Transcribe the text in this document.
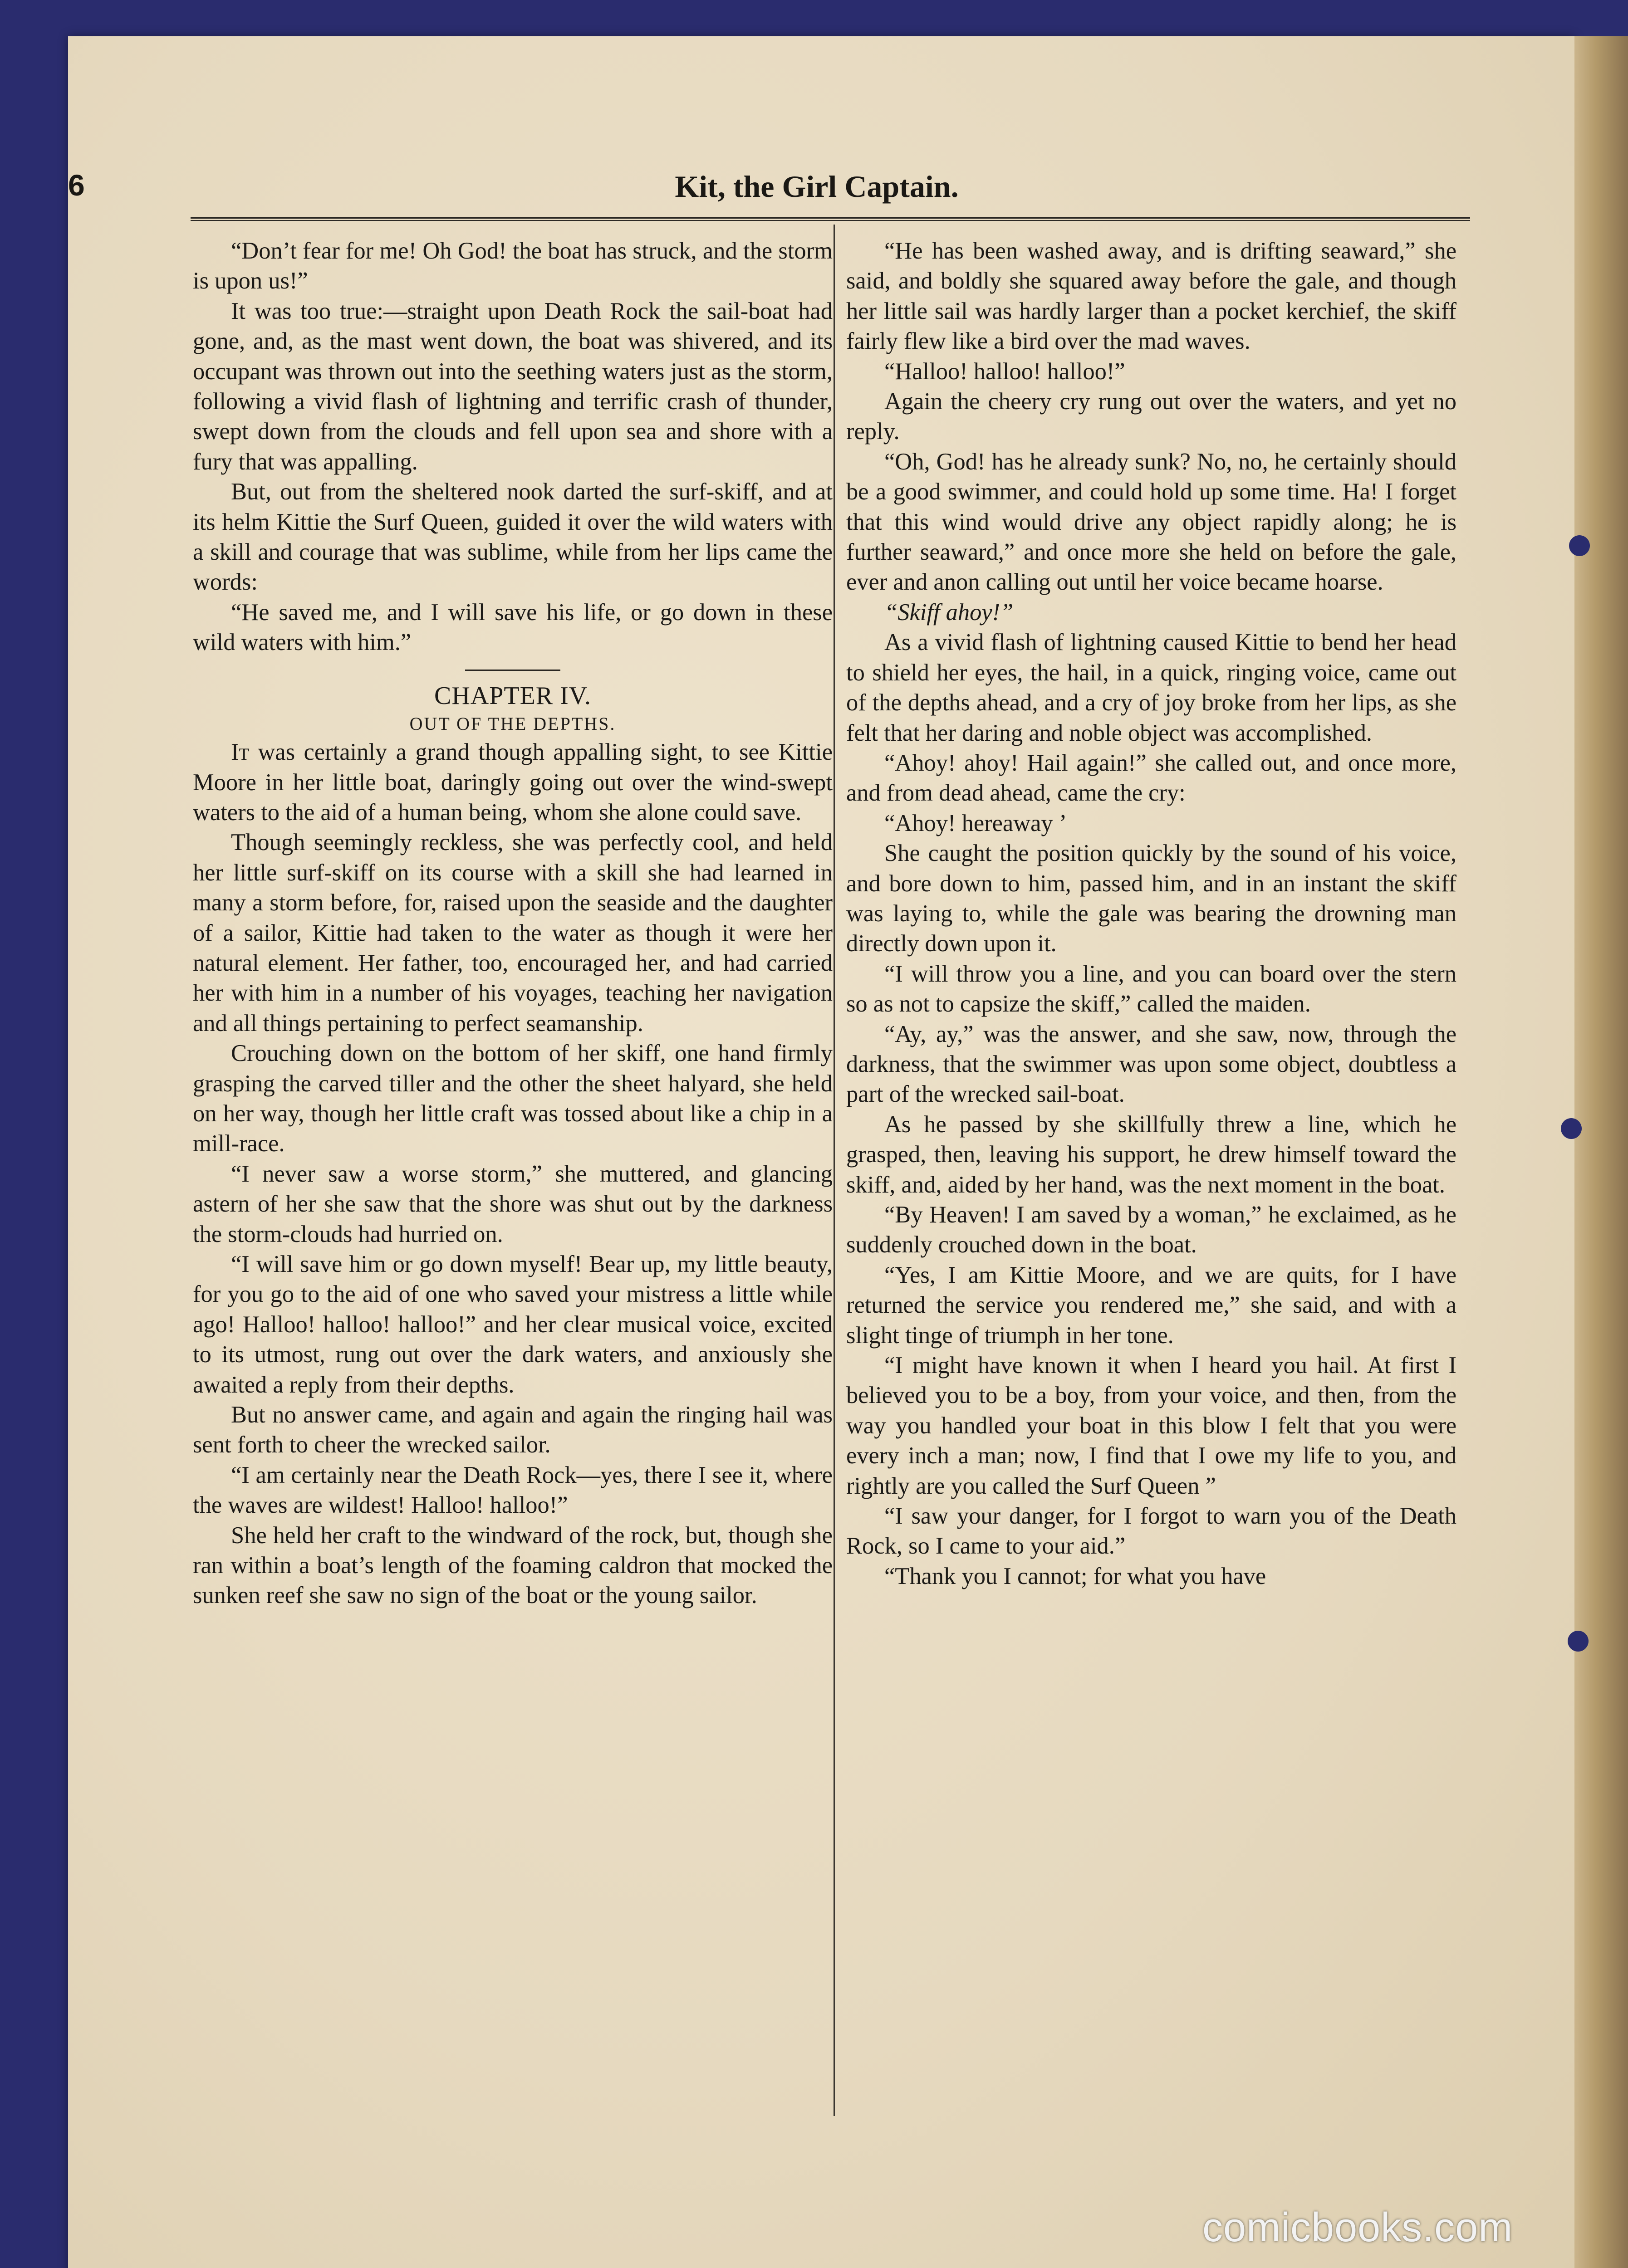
6	Kit, the Girl Captain.

“Don’t fear for me! Oh God! the boat has struck, and the storm is upon us!”

It was too true:—straight upon Death Rock the sail-boat had gone, and, as the mast went down, the boat was shivered, and its occupant was thrown out into the seething waters just as the storm, following a vivid flash of lightning and terrific crash of thunder, swept down from the clouds and fell upon sea and shore with a fury that was appalling.

But, out from the sheltered nook darted the surf-skiff, and at its helm Kittie the Surf Queen, guided it over the wild waters with a skill and courage that was sublime, while from her lips came the words:

“He saved me, and I will save his life, or go down in these wild waters with him.”

CHAPTER IV.

OUT OF THE DEPTHS.

It was certainly a grand though appalling sight, to see Kittie Moore in her little boat, daringly going out over the wind-swept waters to the aid of a human being, whom she alone could save.

Though seemingly reckless, she was perfectly cool, and held her little surf-skiff on its course with a skill she had learned in many a storm before, for, raised upon the seaside and the daughter of a sailor, Kittie had taken to the water as though it were her natural element. Her father, too, encouraged her, and had carried her with him in a number of his voyages, teaching her navigation and all things pertaining to perfect seamanship.

Crouching down on the bottom of her skiff, one hand firmly grasping the carved tiller and the other the sheet halyard, she held on her way, though her little craft was tossed about like a chip in a mill-race.

“I never saw a worse storm,” she muttered, and glancing astern of her she saw that the shore was shut out by the darkness the storm-clouds had hurried on.

“I will save him or go down myself! Bear up, my little beauty, for you go to the aid of one who saved your mistress a little while ago! Halloo! halloo! halloo!” and her clear musical voice, excited to its utmost, rung out over the dark waters, and anxiously she awaited a reply from their depths.

But no answer came, and again and again the ringing hail was sent forth to cheer the wrecked sailor.

“I am certainly near the Death Rock—yes, there I see it, where the waves are wildest! Halloo! halloo!”

She held her craft to the windward of the rock, but, though she ran within a boat’s length of the foaming caldron that mocked the sunken reef she saw no sign of the boat or the young sailor.

“He has been washed away, and is drifting seaward,” she said, and boldly she squared away before the gale, and though her little sail was hardly larger than a pocket kerchief, the skiff fairly flew like a bird over the mad waves.

“Halloo! halloo! halloo!”

Again the cheery cry rung out over the waters, and yet no reply.

“Oh, God! has he already sunk? No, no, he certainly should be a good swimmer, and could hold up some time. Ha! I forget that this wind would drive any object rapidly along; he is further seaward,” and once more she held on before the gale, ever and anon calling out until her voice became hoarse.

“Skiff ahoy!”

As a vivid flash of lightning caused Kittie to bend her head to shield her eyes, the hail, in a quick, ringing voice, came out of the depths ahead, and a cry of joy broke from her lips, as she felt that her daring and noble object was accomplished.

“Ahoy! ahoy! Hail again!” she called out, and once more, and from dead ahead, came the cry:

“Ahoy! hereaway ’

She caught the position quickly by the sound of his voice, and bore down to him, passed him, and in an instant the skiff was laying to, while the gale was bearing the drowning man directly down upon it.

“I will throw you a line, and you can board over the stern so as not to capsize the skiff,” called the maiden.

“Ay, ay,” was the answer, and she saw, now, through the darkness, that the swimmer was upon some object, doubtless a part of the wrecked sail-boat.

As he passed by she skillfully threw a line, which he grasped, then, leaving his support, he drew himself toward the skiff, and, aided by her hand, was the next moment in the boat.

“By Heaven! I am saved by a woman,” he exclaimed, as he suddenly crouched down in the boat.

“Yes, I am Kittie Moore, and we are quits, for I have returned the service you rendered me,” she said, and with a slight tinge of triumph in her tone.

“I might have known it when I heard you hail. At first I believed you to be a boy, from your voice, and then, from the way you handled your boat in this blow I felt that you were every inch a man; now, I find that I owe my life to you, and rightly are you called the Surf Queen ”

“I saw your danger, for I forgot to warn you of the Death Rock, so I came to your aid.”

“Thank you I cannot; for what you have

comicbooks.com
